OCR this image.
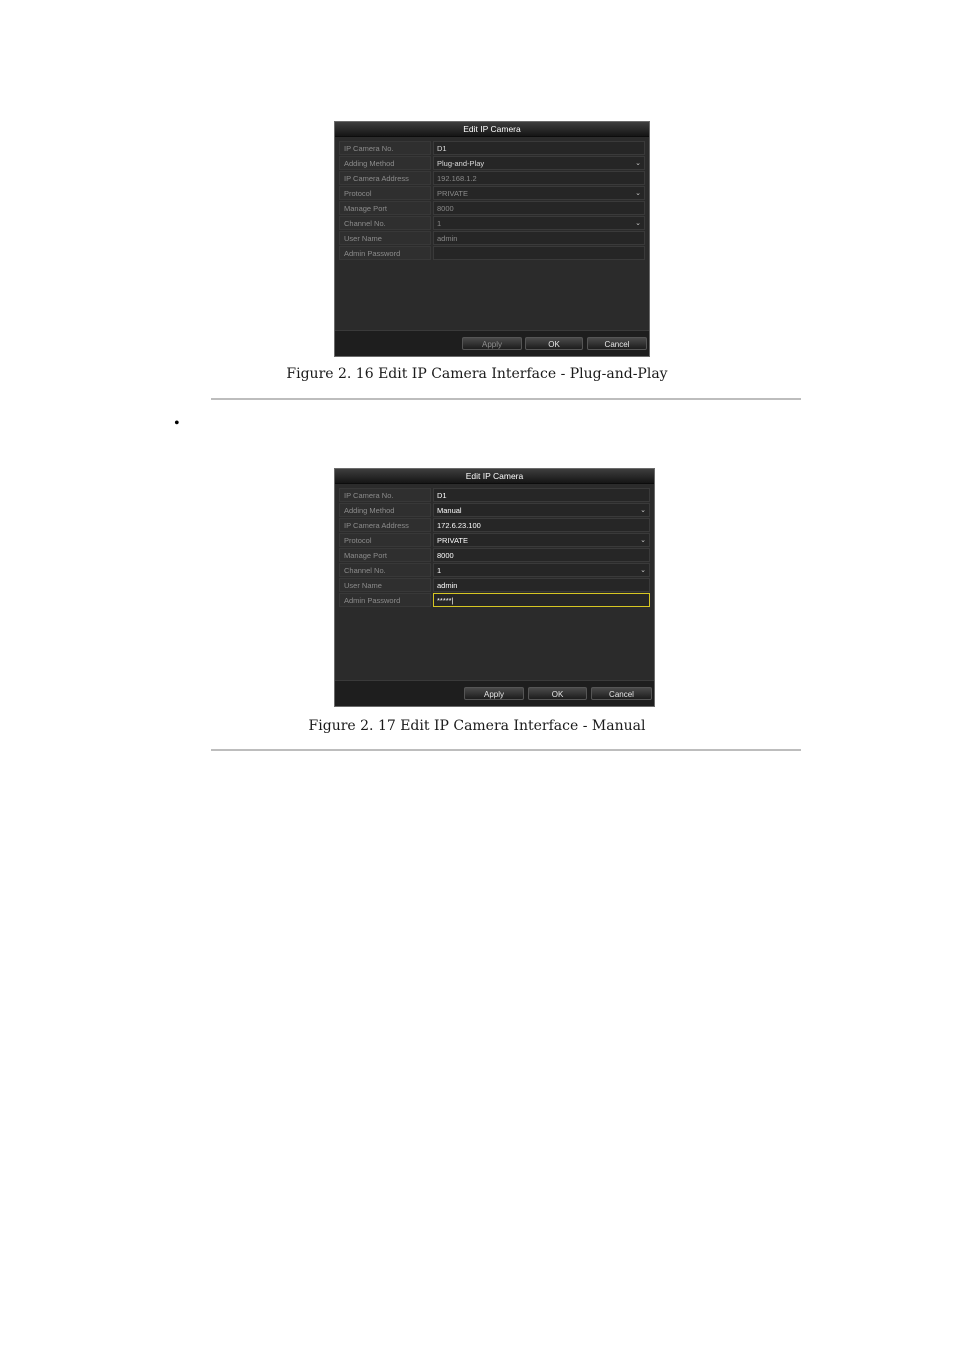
Edit IP Camera
IP Camera No.	D1
Adding Method	Plug-and-Play	⌄
IP Camera Address	192.168.1.2
Protocol	PRIVATE	⌄
Manage Port	8000
Channel No.	1	⌄
User Name	admin
Admin Password
Apply	OK	Cancel
Figure 2. 16 Edit IP Camera Interface - Plug-and-Play
•
Edit IP Camera
IP Camera No.	D1
Adding Method	Manual	⌄
IP Camera Address	172.6.23.100
Protocol	PRIVATE	⌄
Manage Port	8000
Channel No.	1	⌄
User Name	admin
Admin Password	*****|
Apply	OK	Cancel
Figure 2. 17 Edit IP Camera Interface - Manual
